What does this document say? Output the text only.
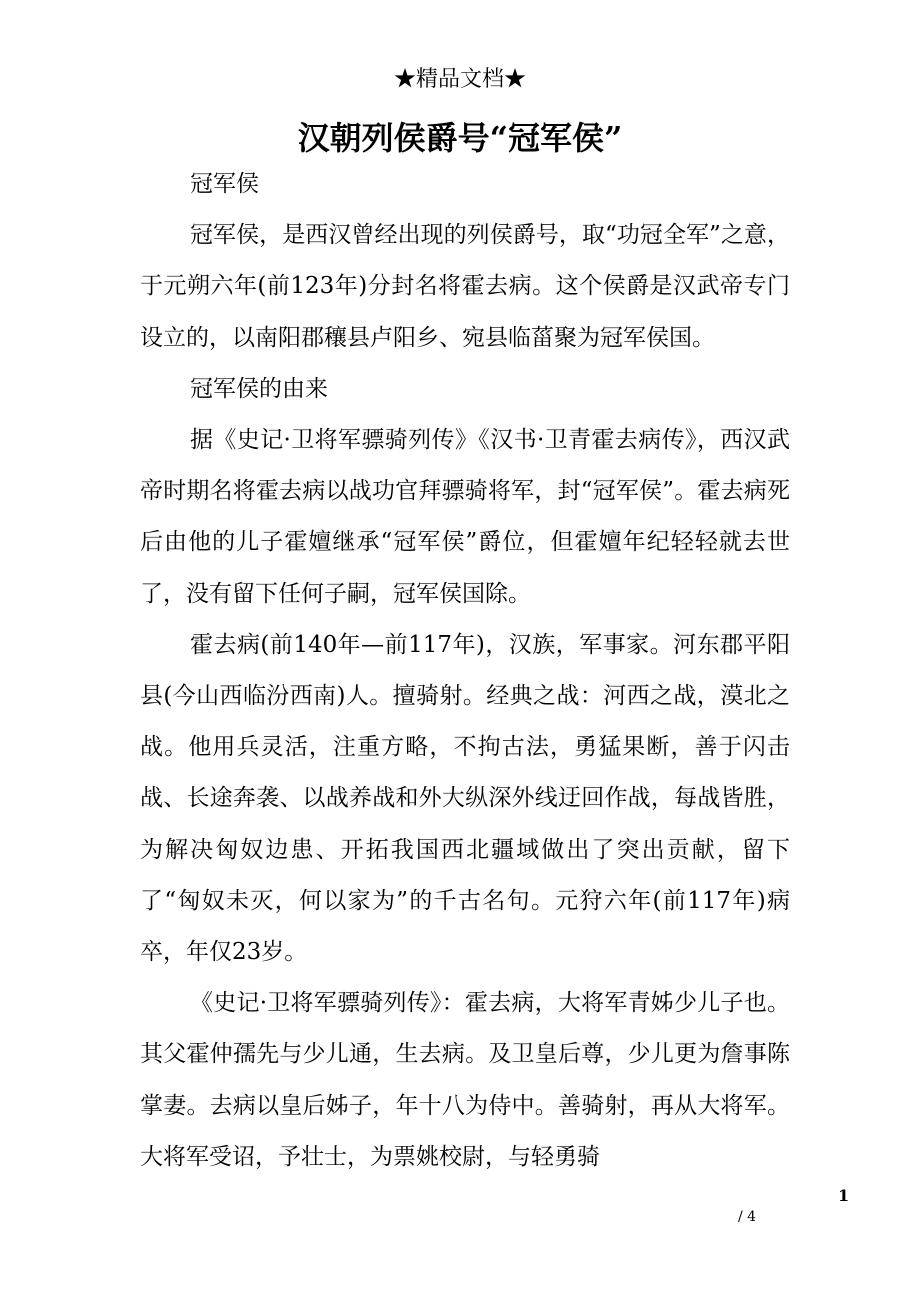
★精品文档★
汉朝列侯爵号“冠军侯”

冠军侯

冠军侯，是西汉曾经出现的列侯爵号，取“功冠全军”之意，于元朔六年(前123年)分封名将霍去病。这个侯爵是汉武帝专门设立的，以南阳郡穰县卢阳乡、宛县临菑聚为冠军侯国。

冠军侯的由来

据《史记·卫将军骠骑列传》《汉书·卫青霍去病传》，西汉武帝时期名将霍去病以战功官拜骠骑将军，封“冠军侯”。霍去病死后由他的儿子霍嬗继承“冠军侯”爵位，但霍嬗年纪轻轻就去世了，没有留下任何子嗣，冠军侯国除。

霍去病(前140年—前117年)，汉族，军事家。河东郡平阳县(今山西临汾西南)人。擅骑射。经典之战：河西之战，漠北之战。他用兵灵活，注重方略，不拘古法，勇猛果断，善于闪击战、长途奔袭、以战养战和外大纵深外线迂回作战，每战皆胜，为解决匈奴边患、开拓我国西北疆域做出了突出贡献，留下了“匈奴未灭，何以家为”的千古名句。元狩六年(前117年)病卒，年仅23岁。

《史记·卫将军骠骑列传》：霍去病，大将军青姊少儿子也。其父霍仲孺先与少儿通，生去病。及卫皇后尊，少儿更为詹事陈掌妻。去病以皇后姊子，年十八为侍中。善骑射，再从大将军。大将军受诏，予壮士，为票姚校尉，与轻勇骑

1
/ 4
